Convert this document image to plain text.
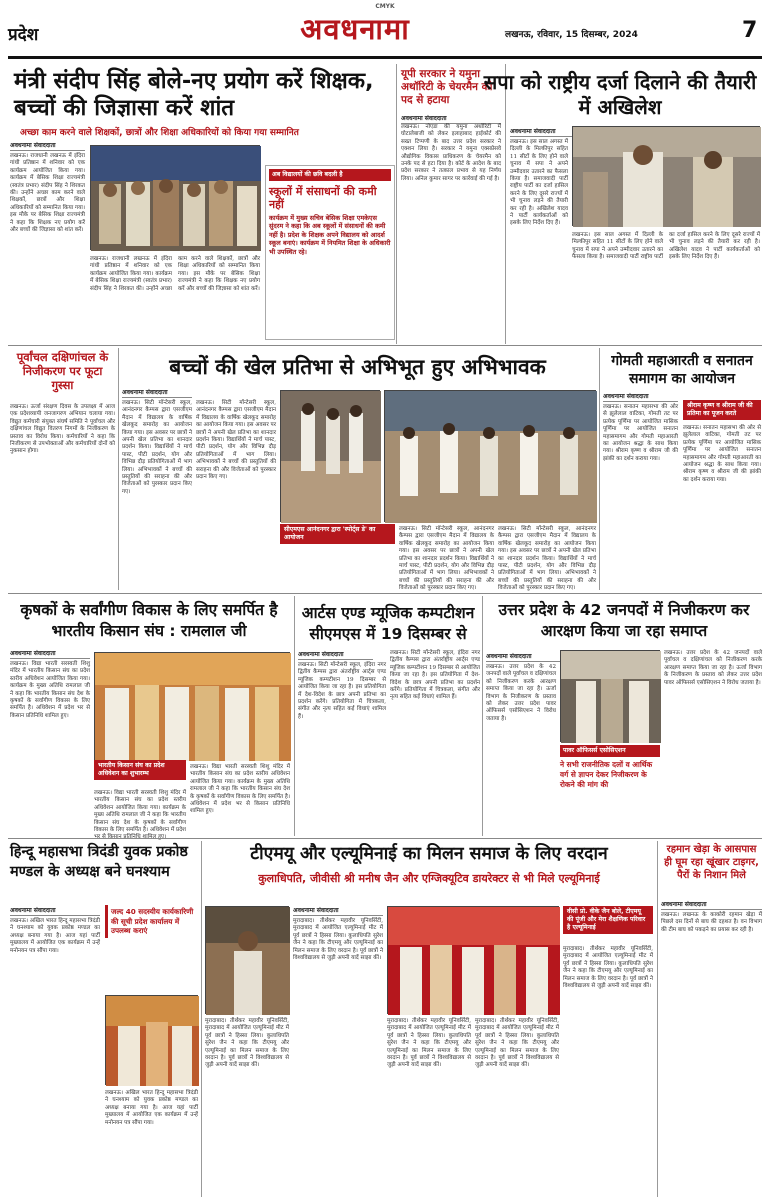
CMYK
प्रदेश	अवधनामा	लखनऊ, रविवार, 15 दिसम्बर, 2024	7
मंत्री संदीप सिंह बोले-नए प्रयोग करें शिक्षक, बच्चों की जिज्ञासा करें शांत
अच्छा काम करने वाले शिक्षकों, छात्रों और शिक्षा अधिकारियों को किया गया सम्मानित
अवधनामा संवाददाता
लखनऊ। राजधानी लखनऊ में इंदिरा गांधी प्रतिष्ठान में शनिवार को एक कार्यक्रम आयोजित किया गया। कार्यक्रम में बेसिक शिक्षा राज्यमंत्री (स्वतंत्र प्रभार) संदीप सिंह ने शिरकत की। उन्होंने अच्छा काम करने वाले शिक्षकों, छात्रों और शिक्षा अधिकारियों को सम्मानित किया गया। इस मौके पर बेसिक शिक्षा राज्यमंत्री ने कहा कि शिक्षक नए प्रयोग करें और बच्चों की जिज्ञासा को शांत करें।
लखनऊ। राजधानी लखनऊ में इंदिरा गांधी प्रतिष्ठान में शनिवार को एक कार्यक्रम आयोजित किया गया। कार्यक्रम में बेसिक शिक्षा राज्यमंत्री (स्वतंत्र प्रभार) संदीप सिंह ने शिरकत की। उन्होंने अच्छा काम करने वाले शिक्षकों, छात्रों और शिक्षा अधिकारियों को सम्मानित किया गया। इस मौके पर बेसिक शिक्षा राज्यमंत्री ने कहा कि शिक्षक नए प्रयोग करें और बच्चों की जिज्ञासा को शांत करें।
अब विद्यालयों की छवि बदली है
स्कूलों में संसाधनों की कमी नहीं
कार्यक्रम में मुख्य सचिव बेसिक शिक्षा एमकेएस सुंदरम ने कहा कि अब स्कूलों में संसाधनों की कमी नहीं है। प्रदेश के शिक्षक अपने विद्यालय को आदर्श स्कूल बनाएं। कार्यक्रम में नियमित शिक्षा के अधिकारी भी उपस्थित रहे।
यूपी सरकार ने यमुना अथॉरिटी के चेयरमैन को पद से हटाया
अवधनामा संवाददाता
लखनऊ। नोएडा की यमुना अथॉरिटी में घोटालेबाजी को लेकर इलाहाबाद हाईकोर्ट की सख्त टिप्पणी के बाद उत्तर प्रदेश सरकार ने एक्शन लिया है। सरकार ने यमुना एक्सप्रेसवे औद्योगिक विकास प्राधिकरण के चेयरमैन को उनके पद से हटा दिया है। कोर्ट के आदेश के बाद प्रदेश सरकार ने तत्काल प्रभाव से यह निर्णय लिया। अनिल कुमार सागर पर कार्रवाई की गई है।
सपा को राष्ट्रीय दर्जा दिलाने की तैयारी में अखिलेश
अवधनामा संवाददाता
लखनऊ। इस साल अगस्त में दिल्ली के मिल्कीपुर सहित 11 सीटों के लिए होने वाले चुनाव में सपा ने अपने उम्मीदवार उतारने का फैसला किया है। समाजवादी पार्टी राष्ट्रीय पार्टी का दर्जा हासिल करने के लिए दूसरे राज्यों में भी चुनाव लड़ने की तैयारी कर रही है। अखिलेश यादव ने पार्टी कार्यकर्ताओं को इसके लिए निर्देश दिए हैं।
लखनऊ। इस साल अगस्त में दिल्ली के मिल्कीपुर सहित 11 सीटों के लिए होने वाले चुनाव में सपा ने अपने उम्मीदवार उतारने का फैसला किया है। समाजवादी पार्टी राष्ट्रीय पार्टी का दर्जा हासिल करने के लिए दूसरे राज्यों में भी चुनाव लड़ने की तैयारी कर रही है। अखिलेश यादव ने पार्टी कार्यकर्ताओं को इसके लिए निर्देश दिए हैं।
पूर्वांचल दक्षिणांचल के निजीकरण पर फूटा गुस्सा
लखनऊ। ऊर्जा संरक्षण दिवस के उपलक्ष्य में आज एक प्रदेशव्यापी जनजागरण अभियान चलाया गया। विद्युत कर्मचारी संयुक्त संघर्ष समिति ने पूर्वांचल और दक्षिणांचल विद्युत वितरण निगमों के निजीकरण के प्रस्ताव का विरोध किया। कर्मचारियों ने कहा कि निजीकरण से उपभोक्ताओं और कर्मचारियों दोनों को नुकसान होगा।
बच्चों की खेल प्रतिभा से अभिभूत हुए अभिभावक
अवधनामा संवाददाता
लखनऊ। सिटी मॉन्टेसरी स्कूल, आनंदनगर कैम्पस द्वारा एसजीएम मैदान में विद्यालय के वार्षिक खेलकूद समारोह का आयोजन किया गया। इस अवसर पर छात्रों ने अपनी खेल प्रतिभा का शानदार प्रदर्शन किया। विद्यार्थियों ने मार्च पास्ट, पीटी प्रदर्शन, योग और विभिन्न दौड़ प्रतियोगिताओं में भाग लिया। अभिभावकों ने बच्चों की प्रस्तुतियों की सराहना की और विजेताओं को पुरस्कार प्रदान किए गए।
लखनऊ। सिटी मॉन्टेसरी स्कूल, आनंदनगर कैम्पस द्वारा एसजीएम मैदान में विद्यालय के वार्षिक खेलकूद समारोह का आयोजन किया गया। इस अवसर पर छात्रों ने अपनी खेल प्रतिभा का शानदार प्रदर्शन किया। विद्यार्थियों ने मार्च पास्ट, पीटी प्रदर्शन, योग और विभिन्न दौड़ प्रतियोगिताओं में भाग लिया। अभिभावकों ने बच्चों की प्रस्तुतियों की सराहना की और विजेताओं को पुरस्कार प्रदान किए गए।
सीएमएस आनंदनगर द्वारा 'स्पोर्ट्स डे' का आयोजन
लखनऊ। सिटी मॉन्टेसरी स्कूल, आनंदनगर कैम्पस द्वारा एसजीएम मैदान में विद्यालय के वार्षिक खेलकूद समारोह का आयोजन किया गया। इस अवसर पर छात्रों ने अपनी खेल प्रतिभा का शानदार प्रदर्शन किया। विद्यार्थियों ने मार्च पास्ट, पीटी प्रदर्शन, योग और विभिन्न दौड़ प्रतियोगिताओं में भाग लिया। अभिभावकों ने बच्चों की प्रस्तुतियों की सराहना की और विजेताओं को पुरस्कार प्रदान किए गए।
लखनऊ। सिटी मॉन्टेसरी स्कूल, आनंदनगर कैम्पस द्वारा एसजीएम मैदान में विद्यालय के वार्षिक खेलकूद समारोह का आयोजन किया गया। इस अवसर पर छात्रों ने अपनी खेल प्रतिभा का शानदार प्रदर्शन किया। विद्यार्थियों ने मार्च पास्ट, पीटी प्रदर्शन, योग और विभिन्न दौड़ प्रतियोगिताओं में भाग लिया। अभिभावकों ने बच्चों की प्रस्तुतियों की सराहना की और विजेताओं को पुरस्कार प्रदान किए गए।
गोमती महाआरती व सनातन समागम का आयोजन
अवधनामा संवाददाता
लखनऊ। सनातन महासभा की ओर से झूलेलाल वाटिका, गोमती तट पर प्रत्येक पूर्णिमा पर आयोजित मासिक पूर्णिमा पर आयोजित सनातन महासमागम और गोमती महाआरती का आयोजन श्रद्धा के साथ किया गया। श्रीराम कृष्ण व श्रीराम जी की झांकी का दर्शन कराया गया।
श्रीराम कृष्ण व श्रीराम जी की प्रतिमा का पूजन करते
लखनऊ। सनातन महासभा की ओर से झूलेलाल वाटिका, गोमती तट पर प्रत्येक पूर्णिमा पर आयोजित मासिक पूर्णिमा पर आयोजित सनातन महासमागम और गोमती महाआरती का आयोजन श्रद्धा के साथ किया गया। श्रीराम कृष्ण व श्रीराम जी की झांकी का दर्शन कराया गया।
कृषकों के सर्वांगीण विकास के लिए समर्पित है भारतीय किसान संघ : रामलाल जी
अवधनामा संवाददाता
लखनऊ। विद्या भारती सरस्वती शिशु मंदिर में भारतीय किसान संघ का प्रदेश स्तरीय अधिवेशन आयोजित किया गया। कार्यक्रम के मुख्य अतिथि रामलाल जी ने कहा कि भारतीय किसान संघ देश के कृषकों के सर्वांगीण विकास के लिए समर्पित है। अधिवेशन में प्रदेश भर से किसान प्रतिनिधि शामिल हुए।
भारतीय किसान संघ का प्रदेश अधिवेशन का शुभारम्भ
लखनऊ। विद्या भारती सरस्वती शिशु मंदिर में भारतीय किसान संघ का प्रदेश स्तरीय अधिवेशन आयोजित किया गया। कार्यक्रम के मुख्य अतिथि रामलाल जी ने कहा कि भारतीय किसान संघ देश के कृषकों के सर्वांगीण विकास के लिए समर्पित है। अधिवेशन में प्रदेश
लखनऊ। विद्या भारती सरस्वती शिशु मंदिर में भारतीय किसान संघ का प्रदेश स्तरीय अधिवेशन आयोजित किया गया। कार्यक्रम के मुख्य अतिथि रामलाल जी ने कहा कि भारतीय किसान संघ देश के कृषकों के सर्वांगीण विकास के लिए समर्पित है। अधिवेशन में प्रदेश भर से किसान प्रतिनिधि शामिल हुए।
आर्टस एण्ड म्यूजिक कम्पटीशन सीएमएस में 19 दिसम्बर से
अवधनामा संवाददाता
लखनऊ। सिटी मॉन्टेसरी स्कूल, इंदिरा नगर द्वितीय कैम्पस द्वारा अंतर्राष्ट्रीय आर्ट्स एण्ड म्यूजिक कम्पटीशन 19 दिसम्बर से आयोजित किया जा रहा है। इस प्रतियोगिता में देश-विदेश के छात्र अपनी प्रतिभा का प्रदर्शन करेंगे। प्रतियोगिता में चित्रकला, संगीत और नृत्य सहित कई विधाएं शामिल हैं।
लखनऊ। सिटी मॉन्टेसरी स्कूल, इंदिरा नगर द्वितीय कैम्पस द्वारा अंतर्राष्ट्रीय आर्ट्स एण्ड म्यूजिक कम्पटीशन 19 दिसम्बर से आयोजित किया जा रहा है। इस प्रतियोगिता में देश-विदेश के छात्र अपनी प्रतिभा का प्रदर्शन करेंगे। प्रतियोगिता में चित्रकला, संगीत और नृत्य सहित कई विधाएं शामिल हैं।
उत्तर प्रदेश के 42 जनपदों में निजीकरण कर आरक्षण किया जा रहा समाप्त
अवधनामा संवाददाता
लखनऊ। उत्तर प्रदेश के 42 जनपदों वाले पूर्वांचल व दक्षिणांचल को निजीकरण करके आरक्षण समाप्त किया जा रहा है। ऊर्जा विभाग के निजीकरण के प्रस्ताव को लेकर उत्तर प्रदेश पावर ऑफिसर्स एसोसिएशन ने विरोध जताया है।
पावर ऑफिसर्स एसोसिएशन
ने सभी राजनीतिक दलों व आर्थिक वर्ग से ज्ञापन देकर निजीकरण के रोकने की मांग की
लखनऊ। उत्तर प्रदेश के 42 जनपदों वाले पूर्वांचल व दक्षिणांचल को निजीकरण करके आरक्षण समाप्त किया जा रहा है। ऊर्जा विभाग के निजीकरण के प्रस्ताव को लेकर उत्तर प्रदेश पावर ऑफिसर्स एसोसिएशन ने विरोध जताया है।
हिन्दू महासभा त्रिदंडी युवक प्रकोष्ठ मण्डल के अध्यक्ष बने घनश्याम
अवधनामा संवाददाता
लखनऊ। अखिल भारत हिन्दू महासभा त्रिदंडी ने घनश्याम को युवक प्रकोष्ठ मण्डल का अध्यक्ष बनाया गया है। आज यहां पार्टी मुख्यालय में आयोजित एक कार्यक्रम में उन्हें मनोनयन पत्र सौंपा गया।
जल्द 40 सदस्यीय कार्यकारिणी की सूची प्रदेश कार्यालय में उपलब्ध कराएं
लखनऊ। अखिल भारत हिन्दू महासभा त्रिदंडी ने घनश्याम को युवक प्रकोष्ठ मण्डल का अध्यक्ष बनाया गया है। आज यहां पार्टी मुख्यालय में आयोजित एक कार्यक्रम में उन्हें मनोनयन पत्र सौंपा गया।
टीएमयू और एल्यूमिनाई का मिलन समाज के लिए वरदान
कुलाधिपति, जीवीसी श्री मनीष जैन और एग्जिक्यूटिव डायरेक्टर से भी मिले एल्यूमिनाई
अवधनामा संवाददाता
मुरादाबाद। तीर्थंकर महावीर यूनिवर्सिटी, मुरादाबाद में आयोजित एल्यूमिनाई मीट में पूर्व छात्रों ने हिस्सा लिया। कुलाधिपति सुरेश जैन ने कहा कि टीएमयू और एल्यूमिनाई का मिलन समाज के लिए वरदान है। पूर्व छात्रों ने विश्वविद्यालय से जुड़ी अपनी यादें साझा कीं।
मुरादाबाद। तीर्थंकर महावीर यूनिवर्सिटी, मुरादाबाद में आयोजित एल्यूमिनाई मीट में पूर्व छात्रों ने हिस्सा लिया। कुलाधिपति सुरेश जैन ने कहा कि टीएमयू और एल्यूमिनाई का मिलन समाज के लिए वरदान है। पूर्व छात्रों ने विश्वविद्यालय से जुड़ी अपनी यादें साझा कीं।
मुरादाबाद। तीर्थंकर महावीर यूनिवर्सिटी, मुरादाबाद में आयोजित एल्यूमिनाई मीट में पूर्व छात्रों ने हिस्सा लिया। कुलाधिपति सुरेश जैन ने कहा कि टीएमयू और एल्यूमिनाई का मिलन समाज के लिए वरदान है। पूर्व छात्रों ने विश्वविद्यालय से जुड़ी अपनी यादें साझा कीं।
मुरादाबाद। तीर्थंकर महावीर यूनिवर्सिटी, मुरादाबाद में आयोजित एल्यूमिनाई मीट में पूर्व छात्रों ने हिस्सा लिया। कुलाधिपति सुरेश जैन ने कहा कि टीएमयू और एल्यूमिनाई का मिलन समाज के लिए वरदान है। पूर्व छात्रों ने विश्वविद्यालय से जुड़ी अपनी यादें साझा कीं।
वीसी प्रो. वीके जैन बोले, टीएमयू की पूंजी और मेरा शैक्षणिक परिवार है एल्यूमिनाई
मुरादाबाद। तीर्थंकर महावीर यूनिवर्सिटी, मुरादाबाद में आयोजित एल्यूमिनाई मीट में पूर्व छात्रों ने हिस्सा लिया। कुलाधिपति सुरेश जैन ने कहा कि टीएमयू और एल्यूमिनाई का मिलन समाज के लिए वरदान है। पूर्व छात्रों ने विश्वविद्यालय से जुड़ी अपनी यादें साझा कीं।
रहमान खेड़ा के आसपास ही घूम रहा खूंखार टाइगर, पैरों के निशान मिले
अवधनामा संवाददाता
लखनऊ। लखनऊ के काकोरी रहमान खेड़ा में पिछले दस दिनों से बाघ की दहशत है। वन विभाग की टीम बाघ को पकड़ने का प्रयास कर रही है।
